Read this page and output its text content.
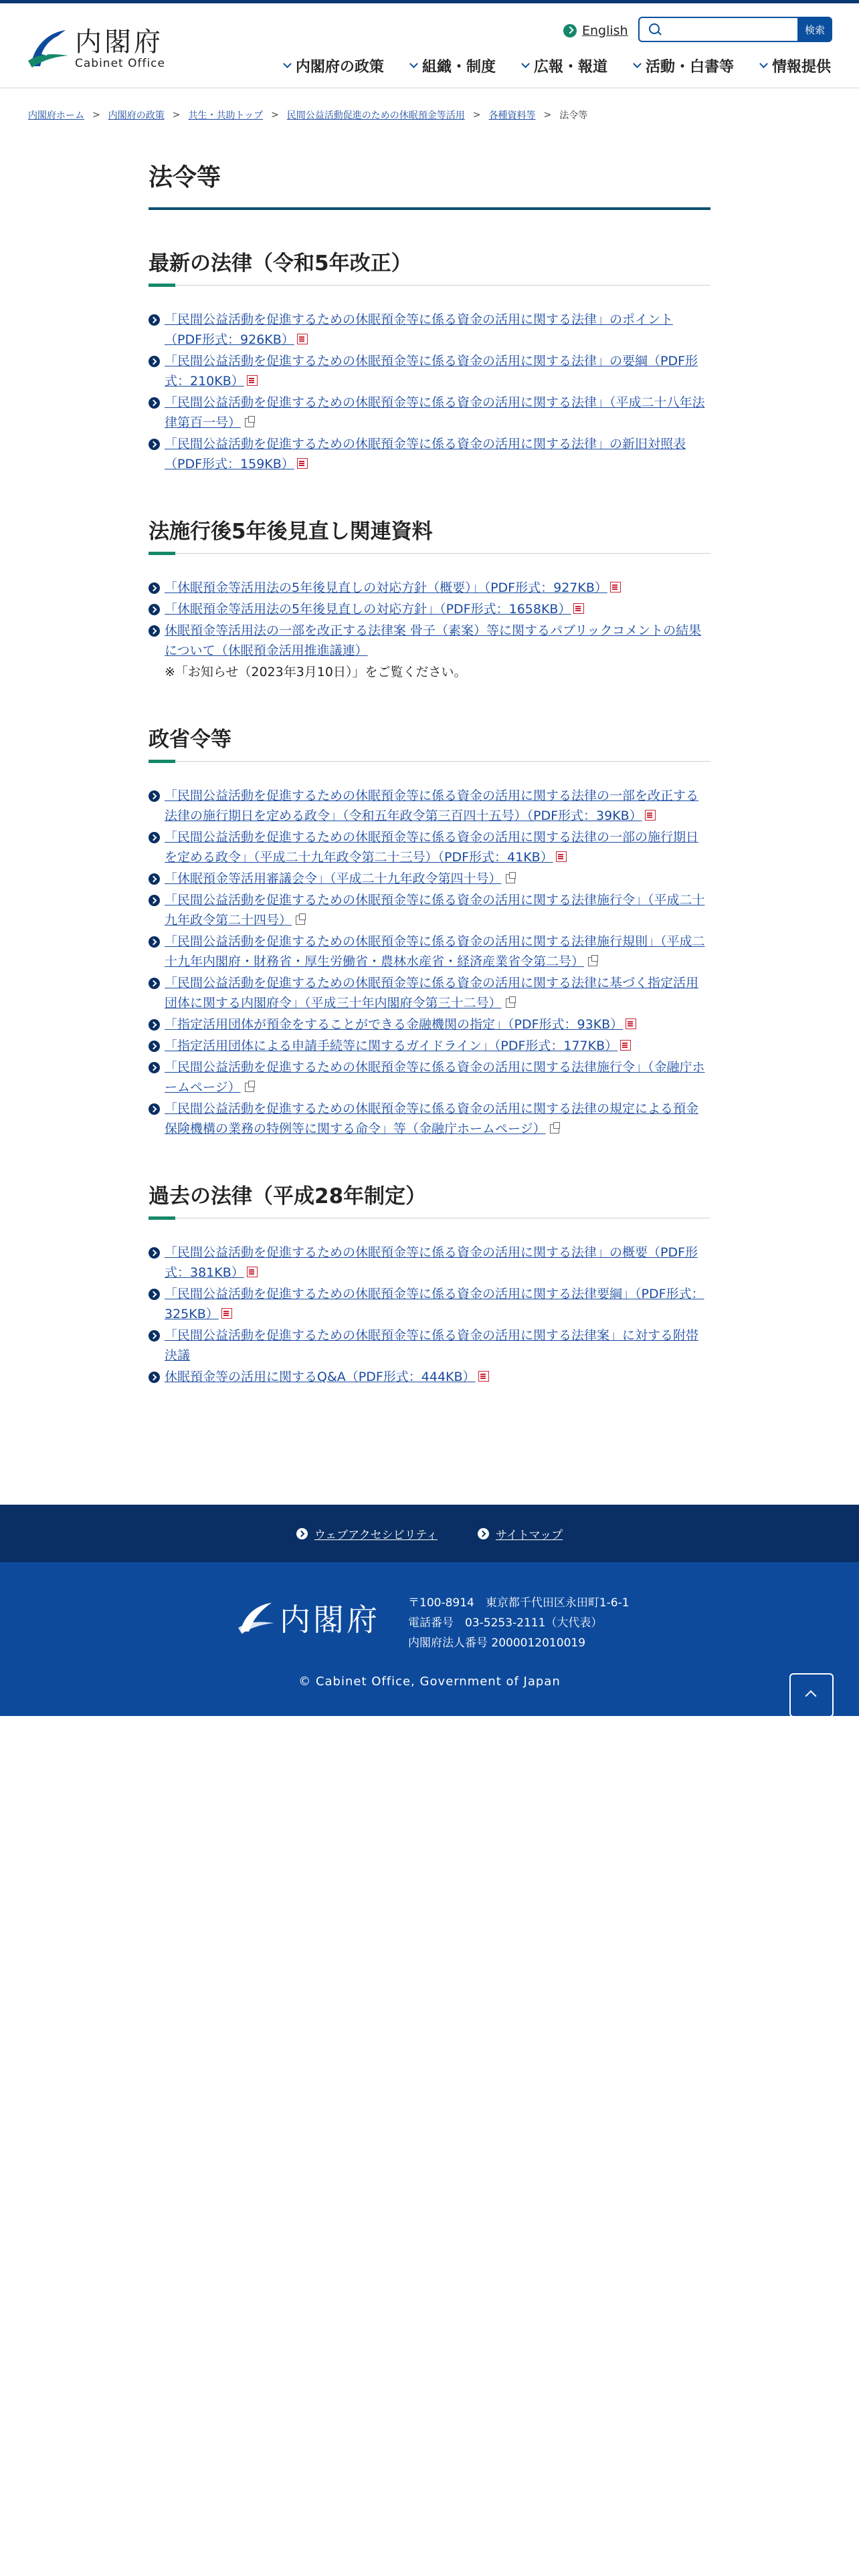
内閣府
Cabinet Office
English	検索
内閣府の政策	組織・制度	広報・報道	活動・白書等	情報提供
内閣府ホーム > 内閣府の政策 > 共生・共助トップ > 民間公益活動促進のための休眠預金等活用 > 各種資料等 > 法令等
法令等
最新の法律（令和5年改正）
「民間公益活動を促進するための休眠預金等に係る資金の活用に関する法律」のポイント（PDF形式：926KB）
「民間公益活動を促進するための休眠預金等に係る資金の活用に関する法律」の要綱（PDF形式：210KB）
「民間公益活動を促進するための休眠預金等に係る資金の活用に関する法律」（平成二十八年法律第百一号）
「民間公益活動を促進するための休眠預金等に係る資金の活用に関する法律」の新旧対照表（PDF形式：159KB）
法施行後5年後見直し関連資料
「休眠預金等活用法の5年後見直しの対応方針（概要）」（PDF形式：927KB）
「休眠預金等活用法の5年後見直しの対応方針」（PDF形式：1658KB）
休眠預金等活用法の一部を改正する法律案 骨子（素案）等に関するパブリックコメントの結果について（休眠預金活用推進議連）
※「お知らせ（2023年3月10日）」をご覧ください。
政省令等
「民間公益活動を促進するための休眠預金等に係る資金の活用に関する法律の一部を改正する法律の施行期日を定める政令」（令和五年政令第三百四十五号）（PDF形式：39KB）
「民間公益活動を促進するための休眠預金等に係る資金の活用に関する法律の一部の施行期日を定める政令」（平成二十九年政令第二十三号）（PDF形式：41KB）
「休眠預金等活用審議会令」（平成二十九年政令第四十号）
「民間公益活動を促進するための休眠預金等に係る資金の活用に関する法律施行令」（平成二十九年政令第二十四号）
「民間公益活動を促進するための休眠預金等に係る資金の活用に関する法律施行規則」（平成二十九年内閣府・財務省・厚生労働省・農林水産省・経済産業省令第二号）
「民間公益活動を促進するための休眠預金等に係る資金の活用に関する法律に基づく指定活用団体に関する内閣府令」（平成三十年内閣府令第三十二号）
「指定活用団体が預金をすることができる金融機関の指定」（PDF形式：93KB）
「指定活用団体による申請手続等に関するガイドライン」（PDF形式：177KB）
「民間公益活動を促進するための休眠預金等に係る資金の活用に関する法律施行令」（金融庁ホームページ）
「民間公益活動を促進するための休眠預金等に係る資金の活用に関する法律の規定による預金保険機構の業務の特例等に関する命令」等（金融庁ホームページ）
過去の法律（平成28年制定）
「民間公益活動を促進するための休眠預金等に係る資金の活用に関する法律」の概要（PDF形式：381KB）
「民間公益活動を促進するための休眠預金等に係る資金の活用に関する法律要綱」（PDF形式：325KB）
「民間公益活動を促進するための休眠預金等に係る資金の活用に関する法律案」に対する附帯決議
休眠預金等の活用に関するQ&A（PDF形式：444KB）
ウェブアクセシビリティ	サイトマップ
内閣府 〒100-8914　東京都千代田区永田町1-6-1
電話番号　03-5253-2111（大代表）
内閣府法人番号 2000012010019
© Cabinet Office, Government of Japan
